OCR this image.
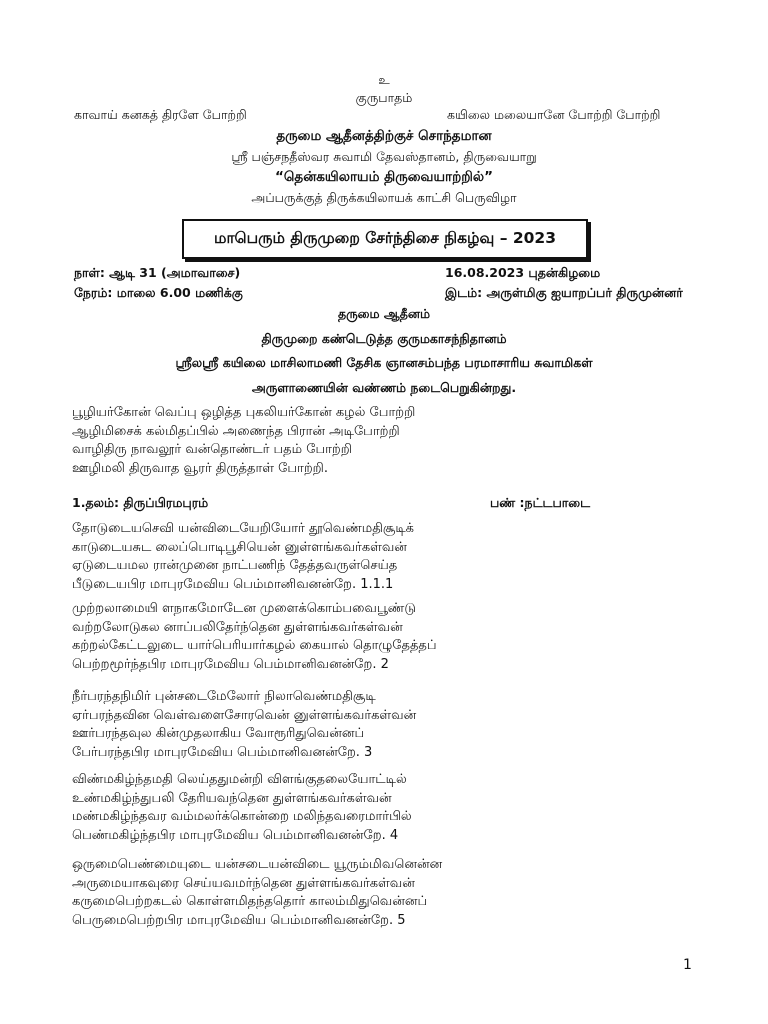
உ
குருபாதம்
காவாய் கனகத் திரளே போற்றி	கயிலை மலையானே போற்றி போற்றி
தருமை ஆதீனத்திற்குச் சொந்தமான
ஸ்ரீ பஞ்சநதீஸ்வர சுவாமி தேவஸ்தானம், திருவையாறு
“தென்கயிலாயம் திருவையாற்றில்”
அப்பருக்குத் திருக்கயிலாயக் காட்சி பெருவிழா
மாபெரும் திருமுறை சேர்ந்திசை நிகழ்வு – 2023
நாள்: ஆடி 31 (அமாவாசை)	16.08.2023 புதன்கிழமை
நேரம்: மாலை 6.00 மணிக்கு	இடம்: அருள்மிகு ஐயாறப்பர் திருமுன்னர்
தருமை ஆதீனம்
திருமுறை கண்டெடுத்த குருமகாசந்நிதானம்
ஸ்ரீலஸ்ரீ கயிலை மாசிலாமணி தேசிக ஞானசம்பந்த பரமாசாரிய சுவாமிகள்
அருளாணையின் வண்ணம் நடைபெறுகின்றது.
பூழியர்கோன் வெப்பு ஒழித்த புகலியர்கோன் கழல் போற்றி
ஆழிமிசைக் கல்மிதப்பில் அணைந்த பிரான் அடிபோற்றி
வாழிதிரு நாவலூர் வன்தொண்டர் பதம் போற்றி
ஊழிமலி திருவாத வூரர் திருத்தாள் போற்றி.
1.தலம்: திருப்பிரமபுரம்	பண் :நட்டபாடை
தோடுடையசெவி யன்விடையேறியோர் தூவெண்மதிசூடிக்
காடுடையசுட லைப்பொடிபூசியென் னுள்ளங்கவர்கள்வன்
ஏடுடையமல ரான்முனை நாட்பணிந் தேத்தவருள்செய்த
பீடுடையபிர மாபுரமேவிய பெம்மானிவனன்றே. 1.1.1
முற்றலாமையி ளநாகமோடேன முளைக்கொம்பவைபூண்டு
வற்றலோடுகல னாப்பலிதேர்ந்தென துள்ளங்கவர்கள்வன்
கற்றல்கேட்டலுடை யார்பெரியார்கழல் கையால் தொழுதேத்தப்
பெற்றமூர்ந்தபிர மாபுரமேவிய பெம்மானிவனன்றே. 2
நீர்பரந்தநிமிர் புன்சடைமேலோர் நிலாவெண்மதிசூடி
ஏர்பரந்தவின வெள்வளைசோரவென் னுள்ளங்கவர்கள்வன்
ஊர்பரந்தவுல கின்முதலாகிய வோரூரிதுவென்னப்
பேர்பரந்தபிர மாபுரமேவிய பெம்மானிவனன்றே. 3
விண்மகிழ்ந்தமதி லெய்ததுமன்றி விளங்குதலையோட்டில்
உண்மகிழ்ந்துபலி தேரியவந்தென துள்ளங்கவர்கள்வன்
மண்மகிழ்ந்தவர வம்மலர்க்கொன்றை மலிந்தவரைமார்பில்
பெண்மகிழ்ந்தபிர மாபுரமேவிய பெம்மானிவனன்றே. 4
ஒருமைபெண்மையுடை யன்சடையன்விடை யூரும்மிவனென்ன
அருமையாகவுரை செய்யவமர்ந்தென துள்ளங்கவர்கள்வன்
கருமைபெற்றகடல் கொள்ளமிதந்ததொர் காலம்மிதுவென்னப்
பெருமைபெற்றபிர மாபுரமேவிய பெம்மானிவனன்றே. 5
1
